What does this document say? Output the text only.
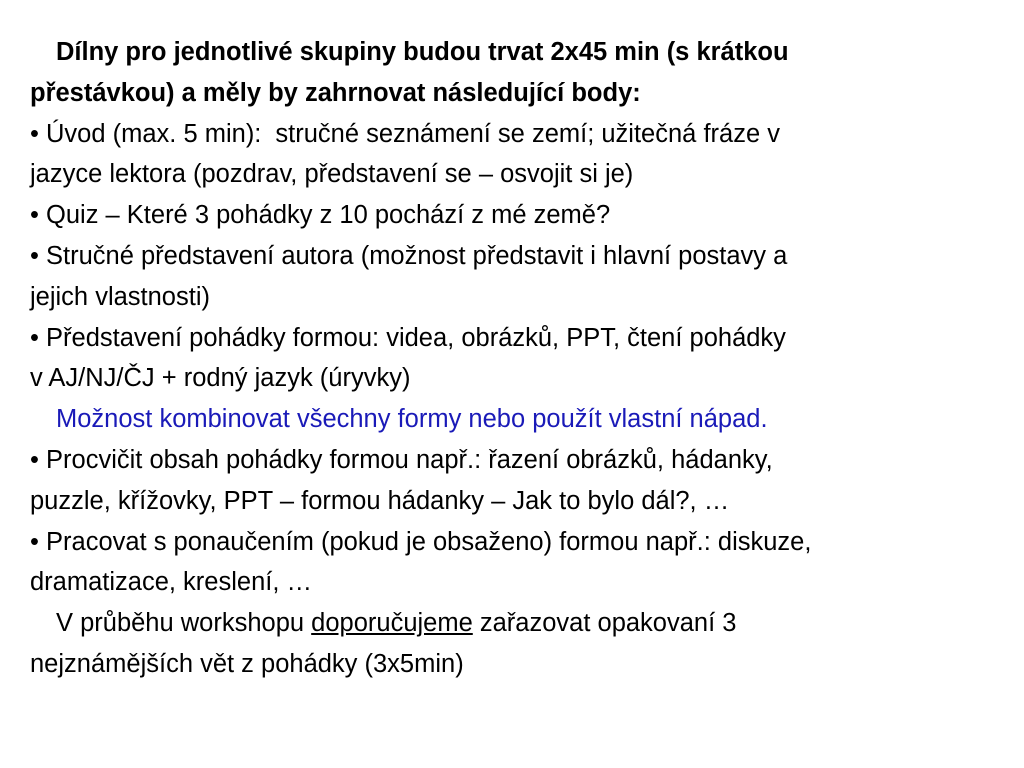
Dílny pro jednotlivé skupiny budou trvat 2x45 min (s krátkou
přestávkou) a měly by zahrnovat následující body:
• Úvod (max. 5 min): stručné seznámení se zemí; užitečná fráze v
jazyce lektora (pozdrav, představení se – osvojit si je)
• Quiz – Které 3 pohádky z 10 pochází z mé země?
• Stručné představení autora (možnost představit i hlavní postavy a
jejich vlastnosti)
• Představení pohádky formou: videa, obrázků, PPT, čtení pohádky
v AJ/NJ/ČJ + rodný jazyk (úryvky)
Možnost kombinovat všechny formy nebo použít vlastní nápad.
• Procvičit obsah pohádky formou např.: řazení obrázků, hádanky,
puzzle, křížovky, PPT – formou hádanky – Jak to bylo dál?, …
• Pracovat s ponaučením (pokud je obsaženo) formou např.: diskuze,
dramatizace, kreslení, …
V průběhu workshopu doporučujeme zařazovat opakovaní 3
nejznámějších vět z pohádky (3x5min)
